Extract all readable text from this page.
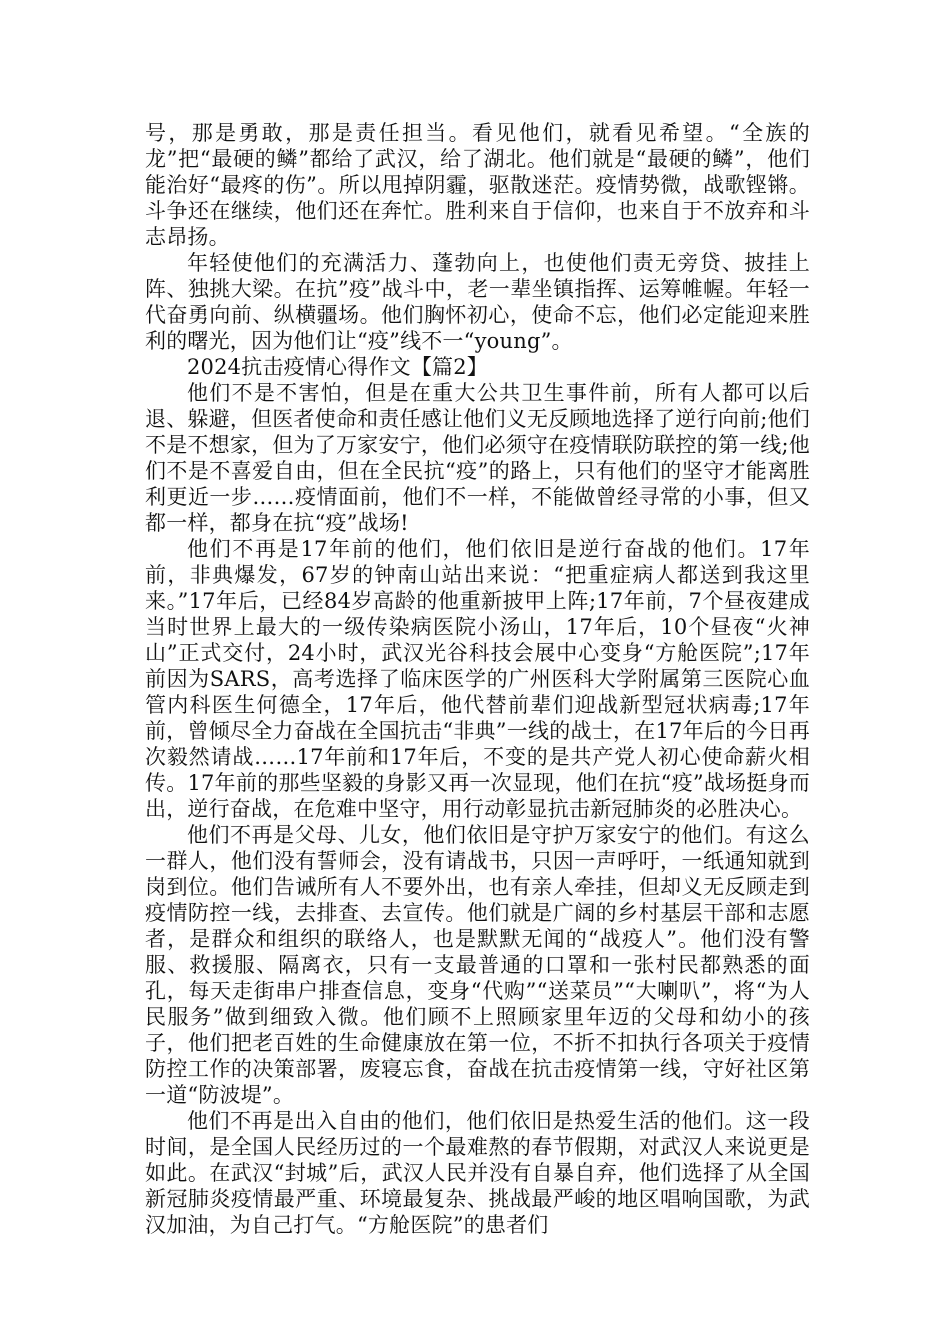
号，那是勇敢，那是责任担当。看见他们，就看见希望。“全族的龙”把“最硬的鳞”都给了武汉，给了湖北。他们就是“最硬的鳞”，他们能治好“最疼的伤”。所以甩掉阴霾，驱散迷茫。疫情势微，战歌铿锵。斗争还在继续，他们还在奔忙。胜利来自于信仰，也来自于不放弃和斗志昂扬。

年轻使他们的充满活力、蓬勃向上，也使他们责无旁贷、披挂上阵、独挑大梁。在抗”疫”战斗中，老一辈坐镇指挥、运筹帷幄。年轻一代奋勇向前、纵横疆场。他们胸怀初心，使命不忘，他们必定能迎来胜利的曙光，因为他们让“疫”线不一“young”。

2024抗击疫情心得作文【篇2】

他们不是不害怕，但是在重大公共卫生事件前，所有人都可以后退、躲避，但医者使命和责任感让他们义无反顾地选择了逆行向前;他们不是不想家，但为了万家安宁，他们必须守在疫情联防联控的第一线;他们不是不喜爱自由，但在全民抗“疫”的路上，只有他们的坚守才能离胜利更近一步……疫情面前，他们不一样，不能做曾经寻常的小事，但又都一样，都身在抗“疫”战场!

他们不再是17年前的他们，他们依旧是逆行奋战的他们。17年前，非典爆发，67岁的钟南山站出来说：“把重症病人都送到我这里来。”17年后，已经84岁高龄的他重新披甲上阵;17年前，7个昼夜建成当时世界上最大的一级传染病医院小汤山，17年后，10个昼夜“火神山”正式交付，24小时，武汉光谷科技会展中心变身“方舱医院”;17年前因为SARS，高考选择了临床医学的广州医科大学附属第三医院心血管内科医生何德全，17年后，他代替前辈们迎战新型冠状病毒;17年前，曾倾尽全力奋战在全国抗击“非典”一线的战士，在17年后的今日再次毅然请战……17年前和17年后，不变的是共产党人初心使命薪火相传。17年前的那些坚毅的身影又再一次显现，他们在抗“疫”战场挺身而出，逆行奋战，在危难中坚守，用行动彰显抗击新冠肺炎的必胜决心。

他们不再是父母、儿女，他们依旧是守护万家安宁的他们。有这么一群人，他们没有誓师会，没有请战书，只因一声呼吁，一纸通知就到岗到位。他们告诫所有人不要外出，也有亲人牵挂，但却义无反顾走到疫情防控一线，去排查、去宣传。他们就是广阔的乡村基层干部和志愿者，是群众和组织的联络人，也是默默无闻的“战疫人”。他们没有警服、救援服、隔离衣，只有一支最普通的口罩和一张村民都熟悉的面孔，每天走街串户排查信息，变身“代购”“送菜员”“大喇叭”，将“为人民服务”做到细致入微。他们顾不上照顾家里年迈的父母和幼小的孩子，他们把老百姓的生命健康放在第一位，不折不扣执行各项关于疫情防控工作的决策部署，废寝忘食，奋战在抗击疫情第一线，守好社区第一道“防波堤”。

他们不再是出入自由的他们，他们依旧是热爱生活的他们。这一段时间，是全国人民经历过的一个最难熬的春节假期，对武汉人来说更是如此。在武汉“封城”后，武汉人民并没有自暴自弃，他们选择了从全国新冠肺炎疫情最严重、环境最复杂、挑战最严峻的地区唱响国歌，为武汉加油，为自己打气。“方舱医院”的患者们
